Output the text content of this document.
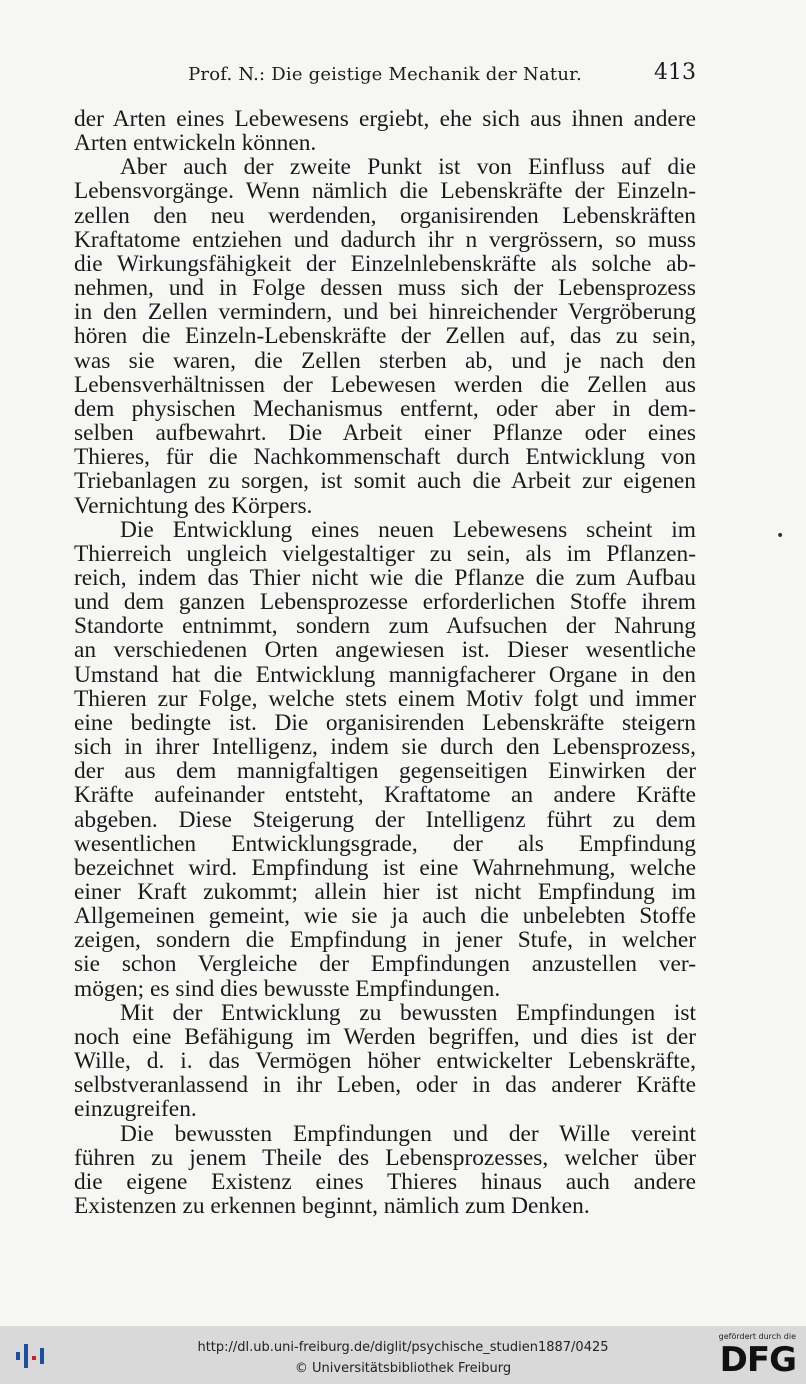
Prof. N.: Die geistige Mechanik der Natur.	413
der Arten eines Lebewesens ergiebt, ehe sich aus ihnen andere
Arten entwickeln können.
Aber auch der zweite Punkt ist von Einfluss auf die
Lebensvorgänge. Wenn nämlich die Lebenskräfte der Einzeln-
zellen den neu werdenden, organisirenden Lebenskräften
Kraftatome entziehen und dadurch ihr n vergrössern, so muss
die Wirkungsfähigkeit der Einzelnlebenskräfte als solche ab-
nehmen, und in Folge dessen muss sich der Lebensprozess
in den Zellen vermindern, und bei hinreichender Vergröberung
hören die Einzeln-Lebenskräfte der Zellen auf, das zu sein,
was sie waren, die Zellen sterben ab, und je nach den
Lebensverhältnissen der Lebewesen werden die Zellen aus
dem physischen Mechanismus entfernt, oder aber in dem-
selben aufbewahrt. Die Arbeit einer Pflanze oder eines
Thieres, für die Nachkommenschaft durch Entwicklung von
Triebanlagen zu sorgen, ist somit auch die Arbeit zur eigenen
Vernichtung des Körpers.
Die Entwicklung eines neuen Lebewesens scheint im
Thierreich ungleich vielgestaltiger zu sein, als im Pflanzen-
reich, indem das Thier nicht wie die Pflanze die zum Aufbau
und dem ganzen Lebensprozesse erforderlichen Stoffe ihrem
Standorte entnimmt, sondern zum Aufsuchen der Nahrung
an verschiedenen Orten angewiesen ist. Dieser wesentliche
Umstand hat die Entwicklung mannigfacherer Organe in den
Thieren zur Folge, welche stets einem Motiv folgt und immer
eine bedingte ist. Die organisirenden Lebenskräfte steigern
sich in ihrer Intelligenz, indem sie durch den Lebensprozess,
der aus dem mannigfaltigen gegenseitigen Einwirken der
Kräfte aufeinander entsteht, Kraftatome an andere Kräfte
abgeben. Diese Steigerung der Intelligenz führt zu dem
wesentlichen Entwicklungsgrade, der als Empfindung
bezeichnet wird. Empfindung ist eine Wahrnehmung, welche
einer Kraft zukommt; allein hier ist nicht Empfindung im
Allgemeinen gemeint, wie sie ja auch die unbelebten Stoffe
zeigen, sondern die Empfindung in jener Stufe, in welcher
sie schon Vergleiche der Empfindungen anzustellen ver-
mögen; es sind dies bewusste Empfindungen.
Mit der Entwicklung zu bewussten Empfindungen ist
noch eine Befähigung im Werden begriffen, und dies ist der
Wille, d. i. das Vermögen höher entwickelter Lebenskräfte,
selbstveranlassend in ihr Leben, oder in das anderer Kräfte
einzugreifen.
Die bewussten Empfindungen und der Wille vereint
führen zu jenem Theile des Lebensprozesses, welcher über
die eigene Existenz eines Thieres hinaus auch andere
Existenzen zu erkennen beginnt, nämlich zum Denken.
•
http://dl.ub.uni-freiburg.de/diglit/psychische_studien1887/0425
© Universitätsbibliothek Freiburg
gefördert durch die
DFG
